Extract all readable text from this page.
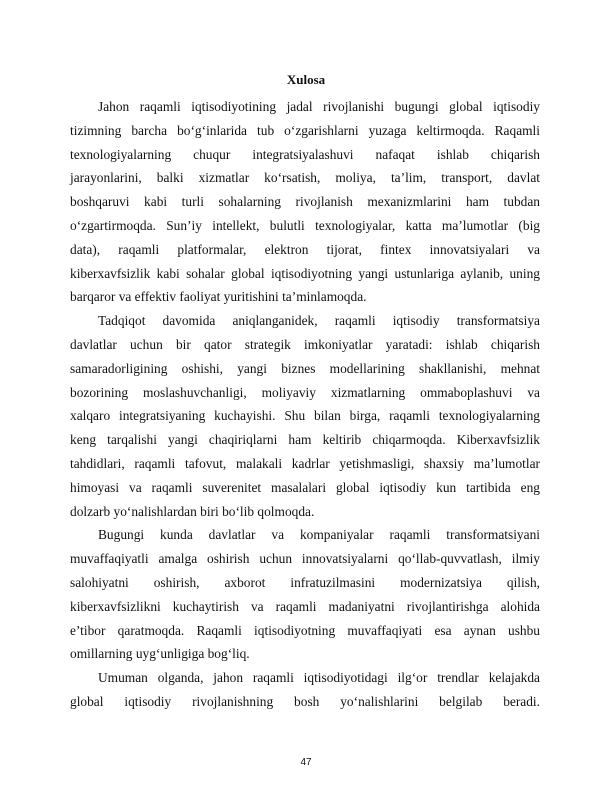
Xulosa

Jahon raqamli iqtisodiyotining jadal rivojlanishi bugungi global iqtisodiy
tizimning barcha bo‘g‘inlarida tub o‘zgarishlarni yuzaga keltirmoqda. Raqamli
texnologiyalarning chuqur integratsiyalashuvi nafaqat ishlab chiqarish
jarayonlarini, balki xizmatlar ko‘rsatish, moliya, ta’lim, transport, davlat
boshqaruvi kabi turli sohalarning rivojlanish mexanizmlarini ham tubdan
o‘zgartirmoqda. Sun’iy intellekt, bulutli texnologiyalar, katta ma’lumotlar (big
data), raqamli platformalar, elektron tijorat, fintex innovatsiyalari va
kiberxavfsizlik kabi sohalar global iqtisodiyotning yangi ustunlariga aylanib, uning
barqaror va effektiv faoliyat yuritishini ta’minlamoqda.

Tadqiqot davomida aniqlanganidek, raqamli iqtisodiy transformatsiya
davlatlar uchun bir qator strategik imkoniyatlar yaratadi: ishlab chiqarish
samaradorligining oshishi, yangi biznes modellarining shakllanishi, mehnat
bozorining moslashuvchanligi, moliyaviy xizmatlarning ommaboplashuvi va
xalqaro integratsiyaning kuchayishi. Shu bilan birga, raqamli texnologiyalarning
keng tarqalishi yangi chaqiriqlarni ham keltirib chiqarmoqda. Kiberxavfsizlik
tahdidlari, raqamli tafovut, malakali kadrlar yetishmasligi, shaxsiy ma’lumotlar
himoyasi va raqamli suverenitet masalalari global iqtisodiy kun tartibida eng
dolzarb yo‘nalishlardan biri bo‘lib qolmoqda.

Bugungi kunda davlatlar va kompaniyalar raqamli transformatsiyani
muvaffaqiyatli amalga oshirish uchun innovatsiyalarni qo‘llab-quvvatlash, ilmiy
salohiyatni oshirish, axborot infratuzilmasini modernizatsiya qilish,
kiberxavfsizlikni kuchaytirish va raqamli madaniyatni rivojlantirishga alohida
e’tibor qaratmoqda. Raqamli iqtisodiyotning muvaffaqiyati esa aynan ushbu
omillarning uyg‘unligiga bog‘liq.

Umuman olganda, jahon raqamli iqtisodiyotidagi ilg‘or trendlar kelajakda
global iqtisodiy rivojlanishning bosh yo‘nalishlarini belgilab beradi.

47
